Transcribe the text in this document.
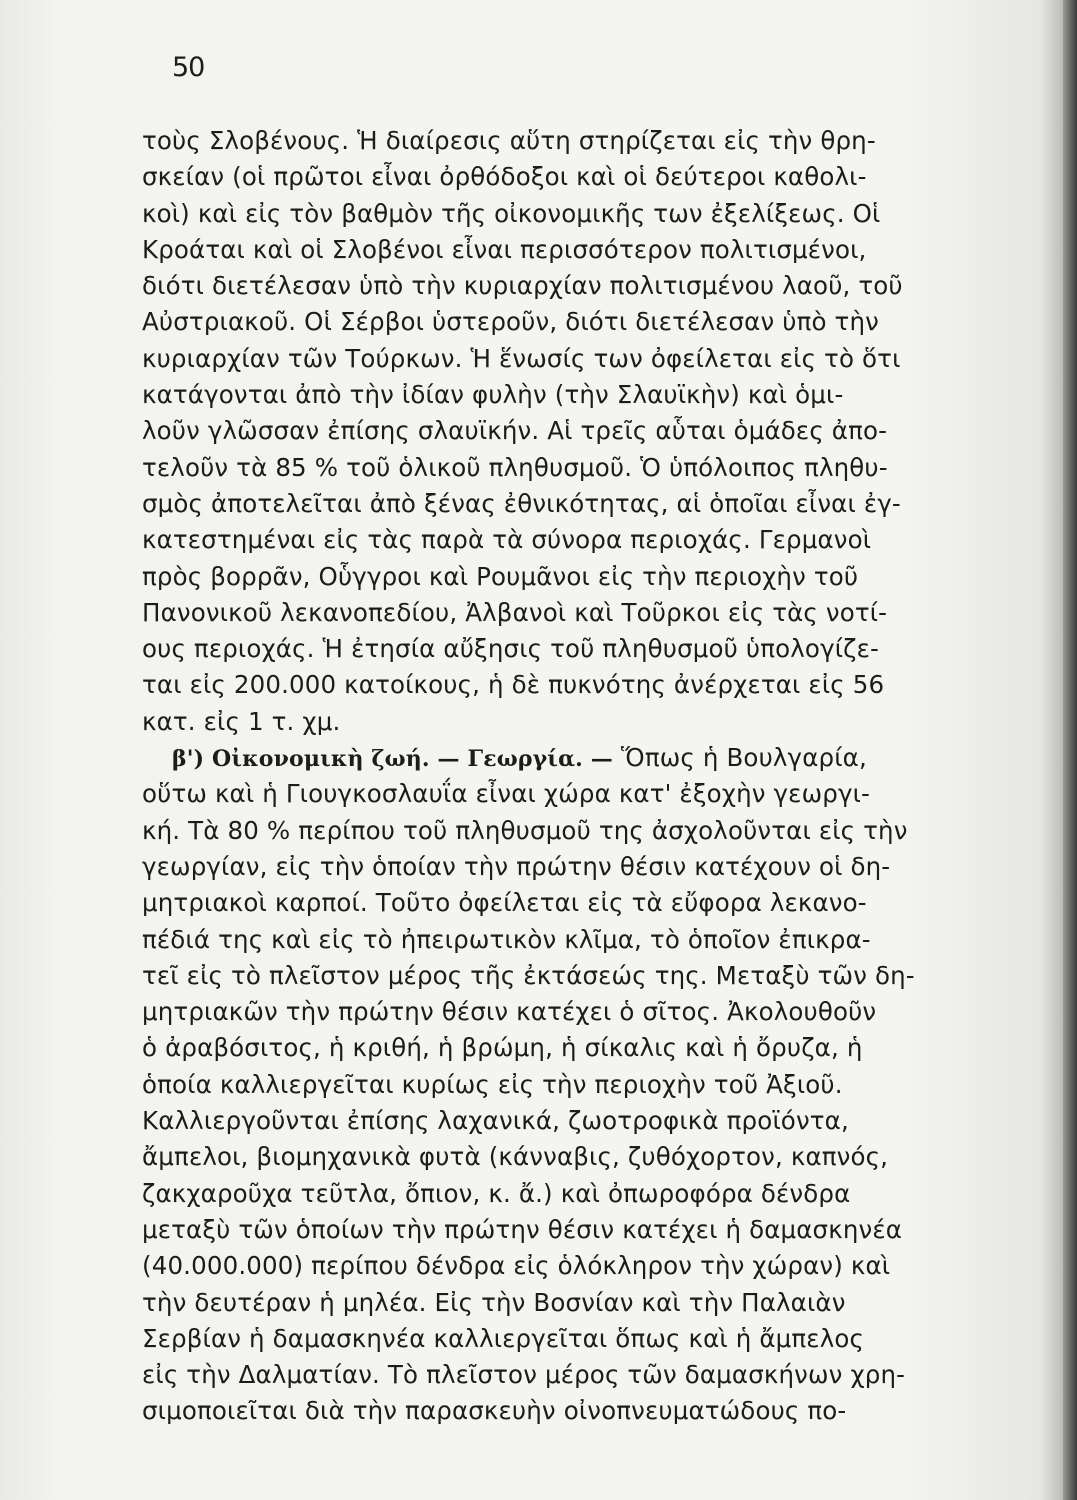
50
τοὺς Σλοβένους. Ἡ διαίρεσις αὕτη στηρίζεται εἰς τὴν θρη-
σκείαν (οἱ πρῶτοι εἶναι ὀρθόδοξοι καὶ οἱ δεύτεροι καθολι-
κοὶ) καὶ εἰς τὸν βαθμὸν τῆς οἰκονομικῆς των ἐξελίξεως. Οἱ
Κροάται καὶ οἱ Σλοβένοι εἶναι περισσότερον πολιτισμένοι,
διότι διετέλεσαν ὑπὸ τὴν κυριαρχίαν πολιτισμένου λαοῦ, τοῦ
Αὐστριακοῦ. Οἱ Σέρβοι ὑστεροῦν, διότι διετέλεσαν ὑπὸ τὴν
κυριαρχίαν τῶν Τούρκων. Ἡ ἕνωσίς των ὀφείλεται εἰς τὸ ὅτι
κατάγονται ἀπὸ τὴν ἰδίαν φυλὴν (τὴν Σλαυϊκὴν) καὶ ὁμι-
λοῦν γλῶσσαν ἐπίσης σλαυϊκήν. Αἱ τρεῖς αὗται ὁμάδες ἀπο-
τελοῦν τὰ 85 % τοῦ ὁλικοῦ πληθυσμοῦ. Ὁ ὑπόλοιπος πληθυ-
σμὸς ἀποτελεῖται ἀπὸ ξένας ἐθνικότητας, αἱ ὁποῖαι εἶναι ἐγ-
κατεστημέναι εἰς τὰς παρὰ τὰ σύνορα περιοχάς. Γερμανοὶ
πρὸς βορρᾶν, Οὗγγροι καὶ Ρουμᾶνοι εἰς τὴν περιοχὴν τοῦ
Πανονικοῦ λεκανοπεδίου, Ἀλβανοὶ καὶ Τοῦρκοι εἰς τὰς νοτί-
ους περιοχάς. Ἡ ἐτησία αὔξησις τοῦ πληθυσμοῦ ὑπολογίζε-
ται εἰς 200.000 κατοίκους, ἡ δὲ πυκνότης ἀνέρχεται εἰς 56
κατ. εἰς 1 τ. χμ.
β') Οἰκονομικὴ ζωή. — Γεωργία. — Ὅπως ἡ Βουλγαρία,
οὕτω καὶ ἡ Γιουγκοσλαυΐα εἶναι χώρα κατ' ἐξοχὴν γεωργι-
κή. Τὰ 80 % περίπου τοῦ πληθυσμοῦ της ἀσχολοῦνται εἰς τὴν
γεωργίαν, εἰς τὴν ὁποίαν τὴν πρώτην θέσιν κατέχουν οἱ δη-
μητριακοὶ καρποί. Τοῦτο ὀφείλεται εἰς τὰ εὔφορα λεκανο-
πέδιά της καὶ εἰς τὸ ἠπειρωτικὸν κλῖμα, τὸ ὁποῖον ἐπικρα-
τεῖ εἰς τὸ πλεῖστον μέρος τῆς ἐκτάσεώς της. Μεταξὺ τῶν δη-
μητριακῶν τὴν πρώτην θέσιν κατέχει ὁ σῖτος. Ἀκολουθοῦν
ὁ ἀραβόσιτος, ἡ κριθή, ἡ βρώμη, ἡ σίκαλις καὶ ἡ ὄρυζα, ἡ
ὁποία καλλιεργεῖται κυρίως εἰς τὴν περιοχὴν τοῦ Ἀξιοῦ.
Καλλιεργοῦνται ἐπίσης λαχανικά, ζωοτροφικὰ προϊόντα,
ἄμπελοι, βιομηχανικὰ φυτὰ (κάνναβις, ζυθόχορτον, καπνός,
ζακχαροῦχα τεῦτλα, ὄπιον, κ. ἄ.) καὶ ὀπωροφόρα δένδρα
μεταξὺ τῶν ὁποίων τὴν πρώτην θέσιν κατέχει ἡ δαμασκηνέα
(40.000.000) περίπου δένδρα εἰς ὁλόκληρον τὴν χώραν) καὶ
τὴν δευτέραν ἡ μηλέα. Εἰς τὴν Βοσνίαν καὶ τὴν Παλαιὰν
Σερβίαν ἡ δαμασκηνέα καλλιεργεῖται ὅπως καὶ ἡ ἄμπελος
εἰς τὴν Δαλματίαν. Τὸ πλεῖστον μέρος τῶν δαμασκήνων χρη-
σιμοποιεῖται διὰ τὴν παρασκευὴν οἰνοπνευματώδους πο-
